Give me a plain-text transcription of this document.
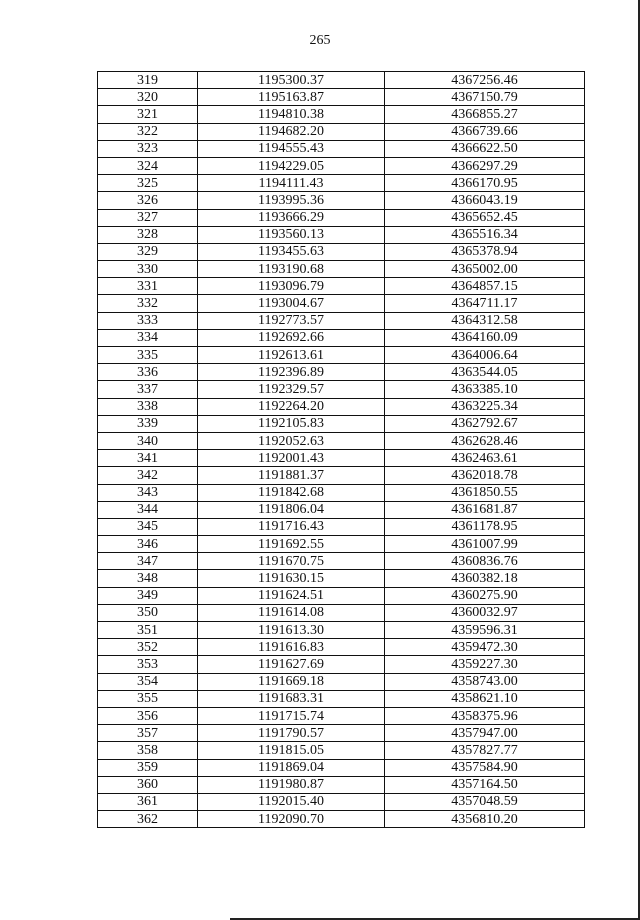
265
319	1195300.37	4367256.46
320	1195163.87	4367150.79
321	1194810.38	4366855.27
322	1194682.20	4366739.66
323	1194555.43	4366622.50
324	1194229.05	4366297.29
325	1194111.43	4366170.95
326	1193995.36	4366043.19
327	1193666.29	4365652.45
328	1193560.13	4365516.34
329	1193455.63	4365378.94
330	1193190.68	4365002.00
331	1193096.79	4364857.15
332	1193004.67	4364711.17
333	1192773.57	4364312.58
334	1192692.66	4364160.09
335	1192613.61	4364006.64
336	1192396.89	4363544.05
337	1192329.57	4363385.10
338	1192264.20	4363225.34
339	1192105.83	4362792.67
340	1192052.63	4362628.46
341	1192001.43	4362463.61
342	1191881.37	4362018.78
343	1191842.68	4361850.55
344	1191806.04	4361681.87
345	1191716.43	4361178.95
346	1191692.55	4361007.99
347	1191670.75	4360836.76
348	1191630.15	4360382.18
349	1191624.51	4360275.90
350	1191614.08	4360032.97
351	1191613.30	4359596.31
352	1191616.83	4359472.30
353	1191627.69	4359227.30
354	1191669.18	4358743.00
355	1191683.31	4358621.10
356	1191715.74	4358375.96
357	1191790.57	4357947.00
358	1191815.05	4357827.77
359	1191869.04	4357584.90
360	1191980.87	4357164.50
361	1192015.40	4357048.59
362	1192090.70	4356810.20
